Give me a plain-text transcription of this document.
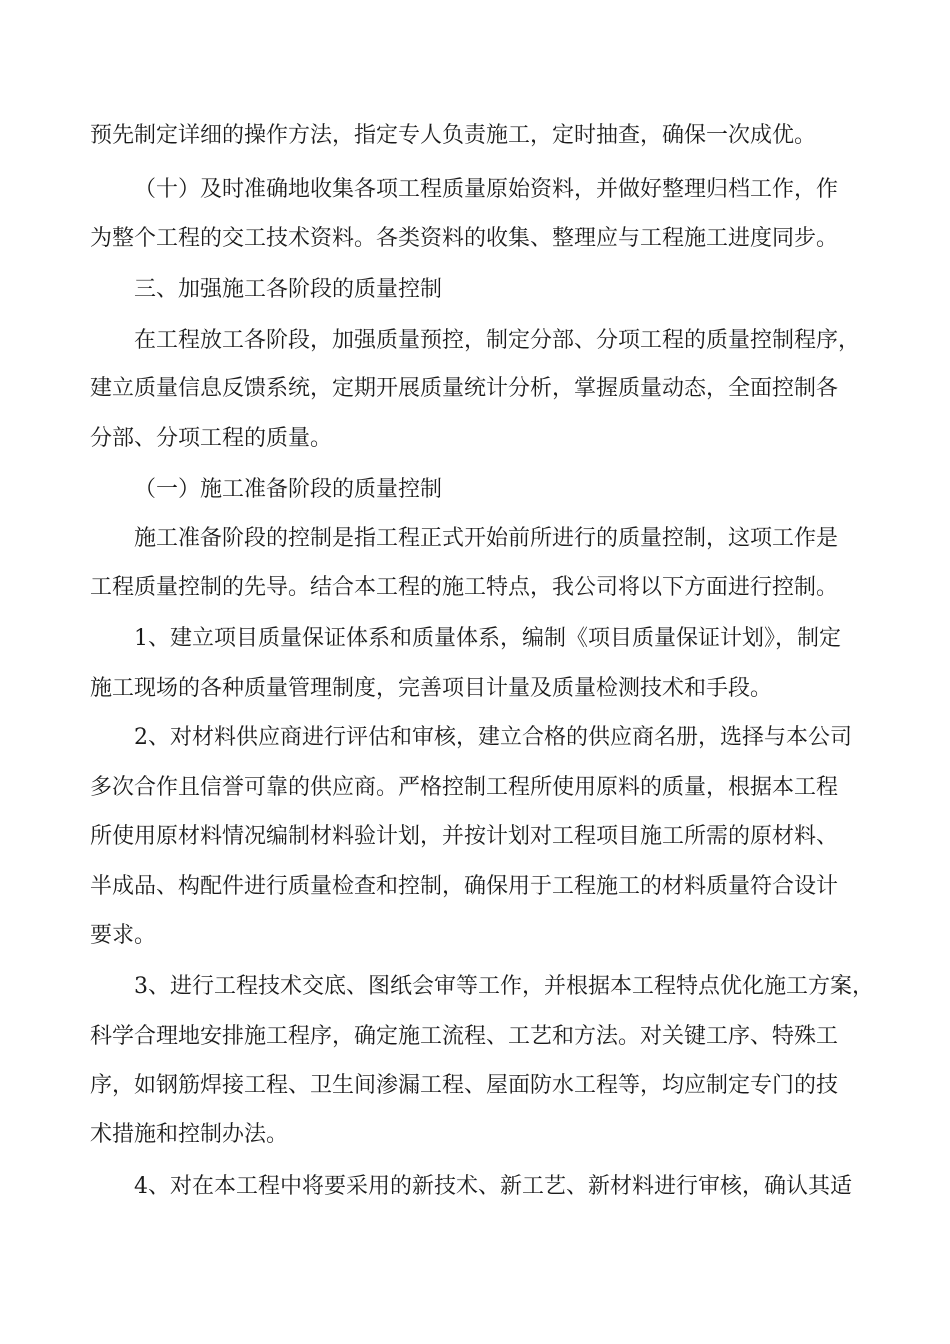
预先制定详细的操作方法，指定专人负责施工，定时抽查，确保一次成优。
（十）及时准确地收集各项工程质量原始资料，并做好整理归档工作，作
为整个工程的交工技术资料。各类资料的收集、整理应与工程施工进度同步。
三、加强施工各阶段的质量控制
在工程放工各阶段，加强质量预控，制定分部、分项工程的质量控制程序，
建立质量信息反馈系统，定期开展质量统计分析，掌握质量动态，全面控制各
分部、分项工程的质量。
（一）施工准备阶段的质量控制
施工准备阶段的控制是指工程正式开始前所进行的质量控制，这项工作是
工程质量控制的先导。结合本工程的施工特点，我公司将以下方面进行控制。
1、建立项目质量保证体系和质量体系，编制《项目质量保证计划》，制定
施工现场的各种质量管理制度，完善项目计量及质量检测技术和手段。
2、对材料供应商进行评估和审核，建立合格的供应商名册，选择与本公司
多次合作且信誉可靠的供应商。严格控制工程所使用原料的质量，根据本工程
所使用原材料情况编制材料验计划，并按计划对工程项目施工所需的原材料、
半成品、构配件进行质量检查和控制，确保用于工程施工的材料质量符合设计
要求。
3、进行工程技术交底、图纸会审等工作，并根据本工程特点优化施工方案，
科学合理地安排施工程序，确定施工流程、工艺和方法。对关键工序、特殊工
序，如钢筋焊接工程、卫生间渗漏工程、屋面防水工程等，均应制定专门的技
术措施和控制办法。
4、对在本工程中将要采用的新技术、新工艺、新材料进行审核，确认其适
